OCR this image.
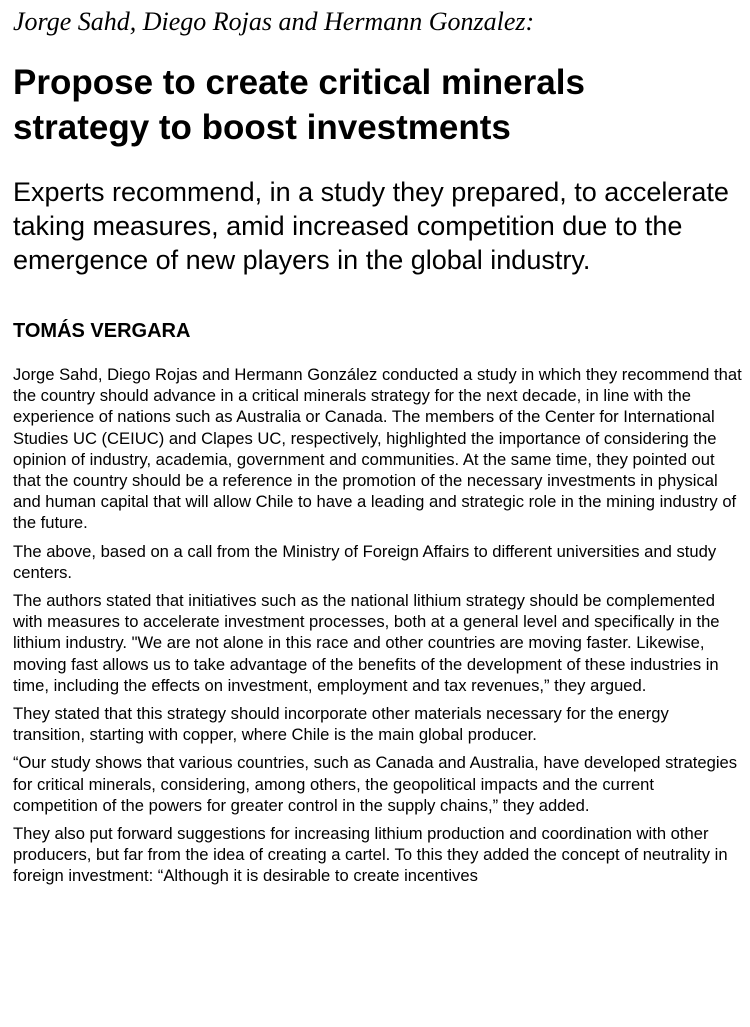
Jorge Sahd, Diego Rojas and Hermann Gonzalez:
Propose to create critical minerals strategy to boost investments
Experts recommend, in a study they prepared, to accelerate taking measures, amid increased competition due to the emergence of new players in the global industry.
TOMÁS VERGARA

Jorge Sahd, Diego Rojas and Hermann González conducted a study in which they recommend that the country should advance in a critical minerals strategy for the next decade, in line with the experience of nations such as Australia or Canada. The members of the Center for International Studies UC (CEIUC) and Clapes UC, respectively, highlighted the importance of considering the opinion of industry, academia, government and communities. At the same time, they pointed out that the country should be a reference in the promotion of the necessary investments in physical and human capital that will allow Chile to have a leading and strategic role in the mining industry of the future.

The above, based on a call from the Ministry of Foreign Affairs to different universities and study centers.

The authors stated that initiatives such as the national lithium strategy should be complemented with measures to accelerate investment processes, both at a general level and specifically in the lithium industry. "We are not alone in this race and other countries are moving faster. Likewise, moving fast allows us to take advantage of the benefits of the development of these industries in time, including the effects on investment, employment and tax revenues,” they argued.

They stated that this strategy should incorporate other materials necessary for the energy transition, starting with copper, where Chile is the main global producer.

“Our study shows that various countries, such as Canada and Australia, have developed strategies for critical minerals, considering, among others, the geopolitical impacts and the current competition of the powers for greater control in the supply chains,” they added.

They also put forward suggestions for increasing lithium production and coordination with other producers, but far from the idea of creating a cartel. To this they added the concept of neutrality in foreign investment: “Although it is desirable to create incentives
